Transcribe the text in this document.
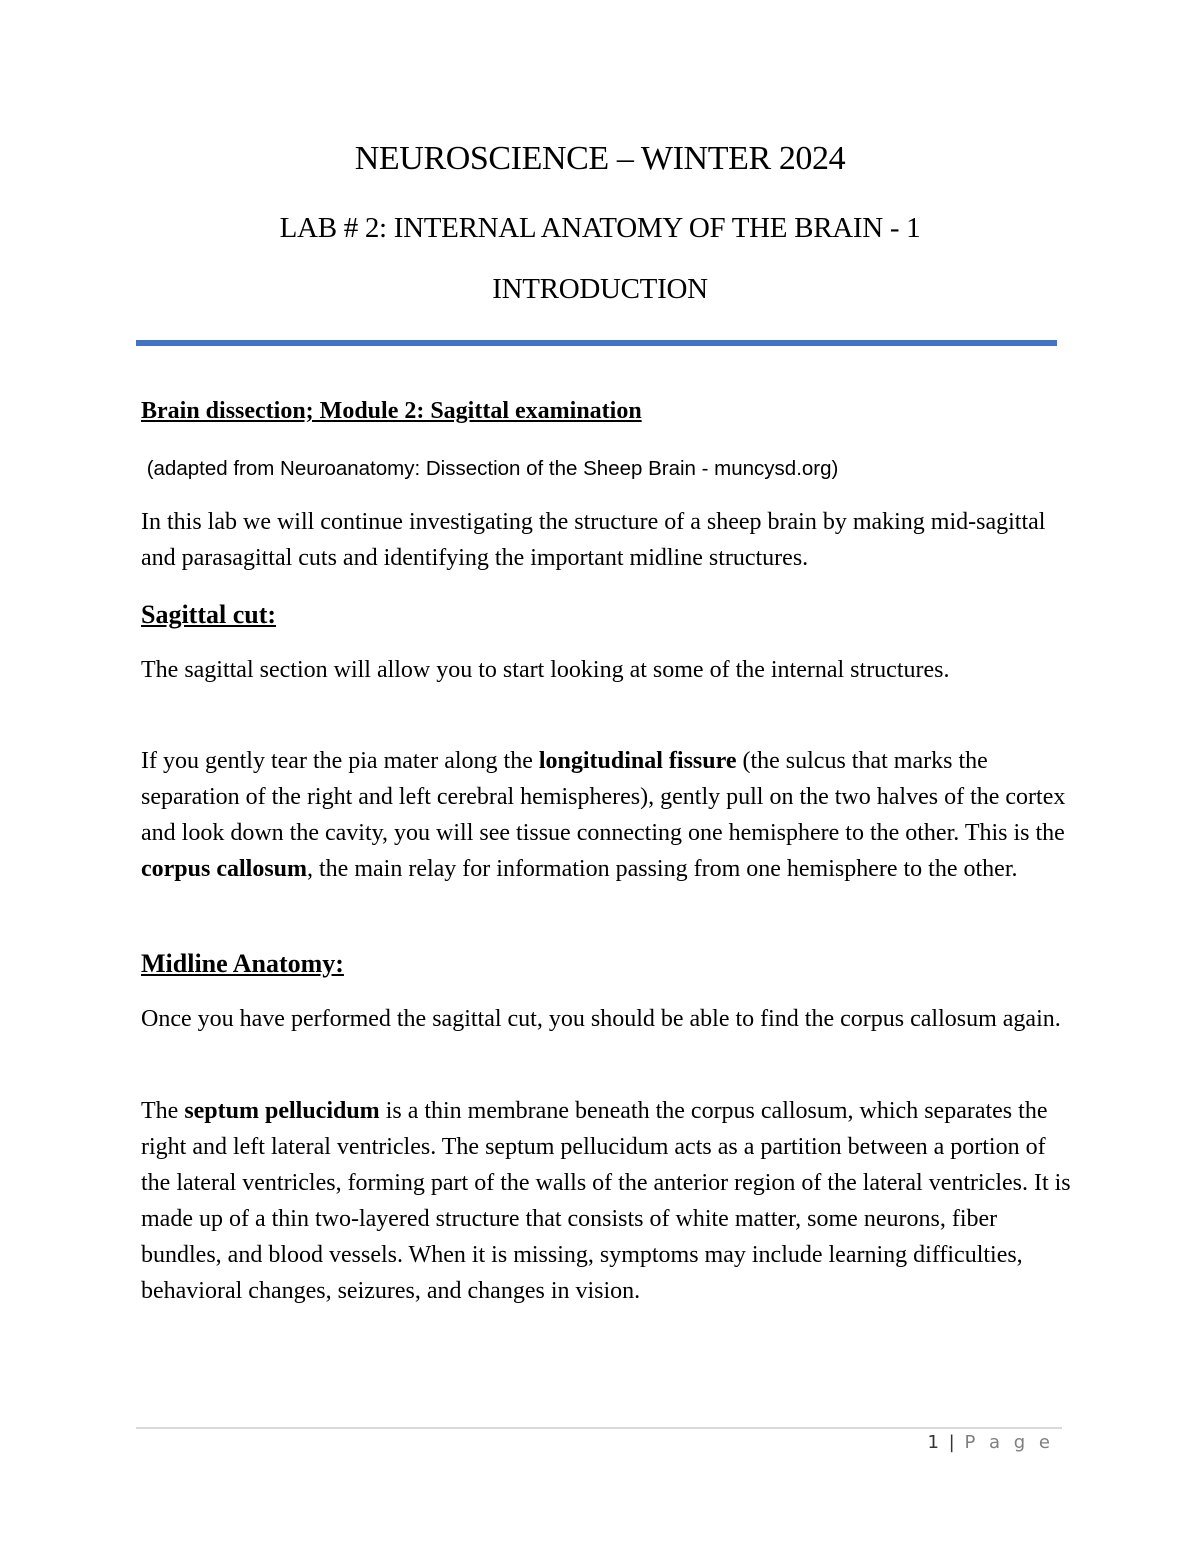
NEUROSCIENCE – WINTER 2024
LAB # 2: INTERNAL ANATOMY OF THE BRAIN - 1
INTRODUCTION

Brain dissection; Module 2: Sagittal examination

(adapted from Neuroanatomy: Dissection of the Sheep Brain - muncysd.org)

In this lab we will continue investigating the structure of a sheep brain by making mid-sagittal and parasagittal cuts and identifying the important midline structures.

Sagittal cut:

The sagittal section will allow you to start looking at some of the internal structures.

If you gently tear the pia mater along the longitudinal fissure (the sulcus that marks the separation of the right and left cerebral hemispheres), gently pull on the two halves of the cortex and look down the cavity, you will see tissue connecting one hemisphere to the other. This is the corpus callosum, the main relay for information passing from one hemisphere to the other.

Midline Anatomy:

Once you have performed the sagittal cut, you should be able to find the corpus callosum again.

The septum pellucidum is a thin membrane beneath the corpus callosum, which separates the right and left lateral ventricles. The septum pellucidum acts as a partition between a portion of the lateral ventricles, forming part of the walls of the anterior region of the lateral ventricles. It is made up of a thin two-layered structure that consists of white matter, some neurons, fiber bundles, and blood vessels. When it is missing, symptoms may include learning difficulties, behavioral changes, seizures, and changes in vision.

1 | P a g e
